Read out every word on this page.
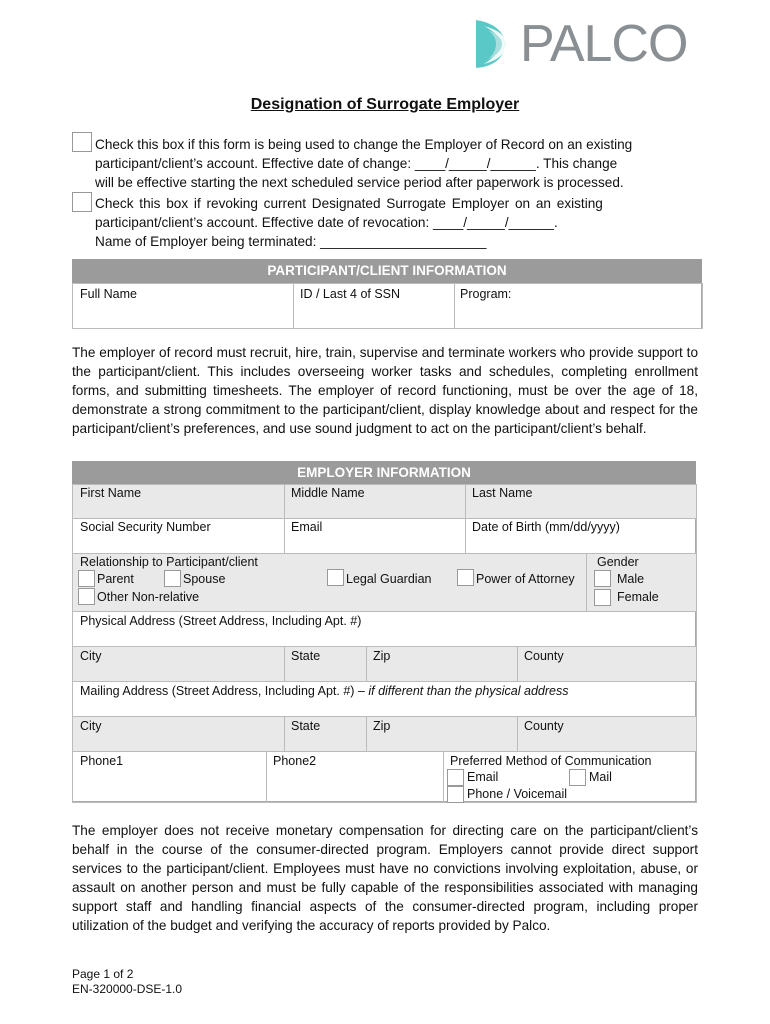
PALCO
Designation of Surrogate Employer
Check this box if this form is being used to change the Employer of Record on an existing
participant/client’s account. Effective date of change: ____/_____/______. This change
will be effective starting the next scheduled service period after paperwork is processed.
Check this box if revoking current Designated Surrogate Employer on an existing
participant/client’s account. Effective date of revocation: ____/_____/______.
Name of Employer being terminated: ______________________
PARTICIPANT/CLIENT INFORMATION
Full Name	ID / Last 4 of SSN	Program:
The employer of record must recruit, hire, train, supervise and terminate workers who provide support to the participant/client. This includes overseeing worker tasks and schedules, completing enrollment forms, and submitting timesheets. The employer of record functioning, must be over the age of 18, demonstrate a strong commitment to the participant/client, display knowledge about and respect for the participant/client’s preferences, and use sound judgment to act on the participant/client’s behalf.
EMPLOYER INFORMATION
First Name	Middle Name	Last Name
Social Security Number	Email	Date of Birth (mm/dd/yyyy)
Relationship to Participant/client
Parent	Spouse	Legal Guardian	Power of Attorney
Other Non-relative
Gender
Male
Female
Physical Address (Street Address, Including Apt. #)
City	State	Zip	County
Mailing Address (Street Address, Including Apt. #) – if different than the physical address
City	State	Zip	County
Phone1	Phone2	Preferred Method of Communication
Email	Mail
Phone / Voicemail
The employer does not receive monetary compensation for directing care on the participant/client’s behalf in the course of the consumer-directed program. Employers cannot provide direct support services to the participant/client. Employees must have no convictions involving exploitation, abuse, or assault on another person and must be fully capable of the responsibilities associated with managing support staff and handling financial aspects of the consumer-directed program, including proper utilization of the budget and verifying the accuracy of reports provided by Palco.
Page 1 of 2
EN-320000-DSE-1.0
